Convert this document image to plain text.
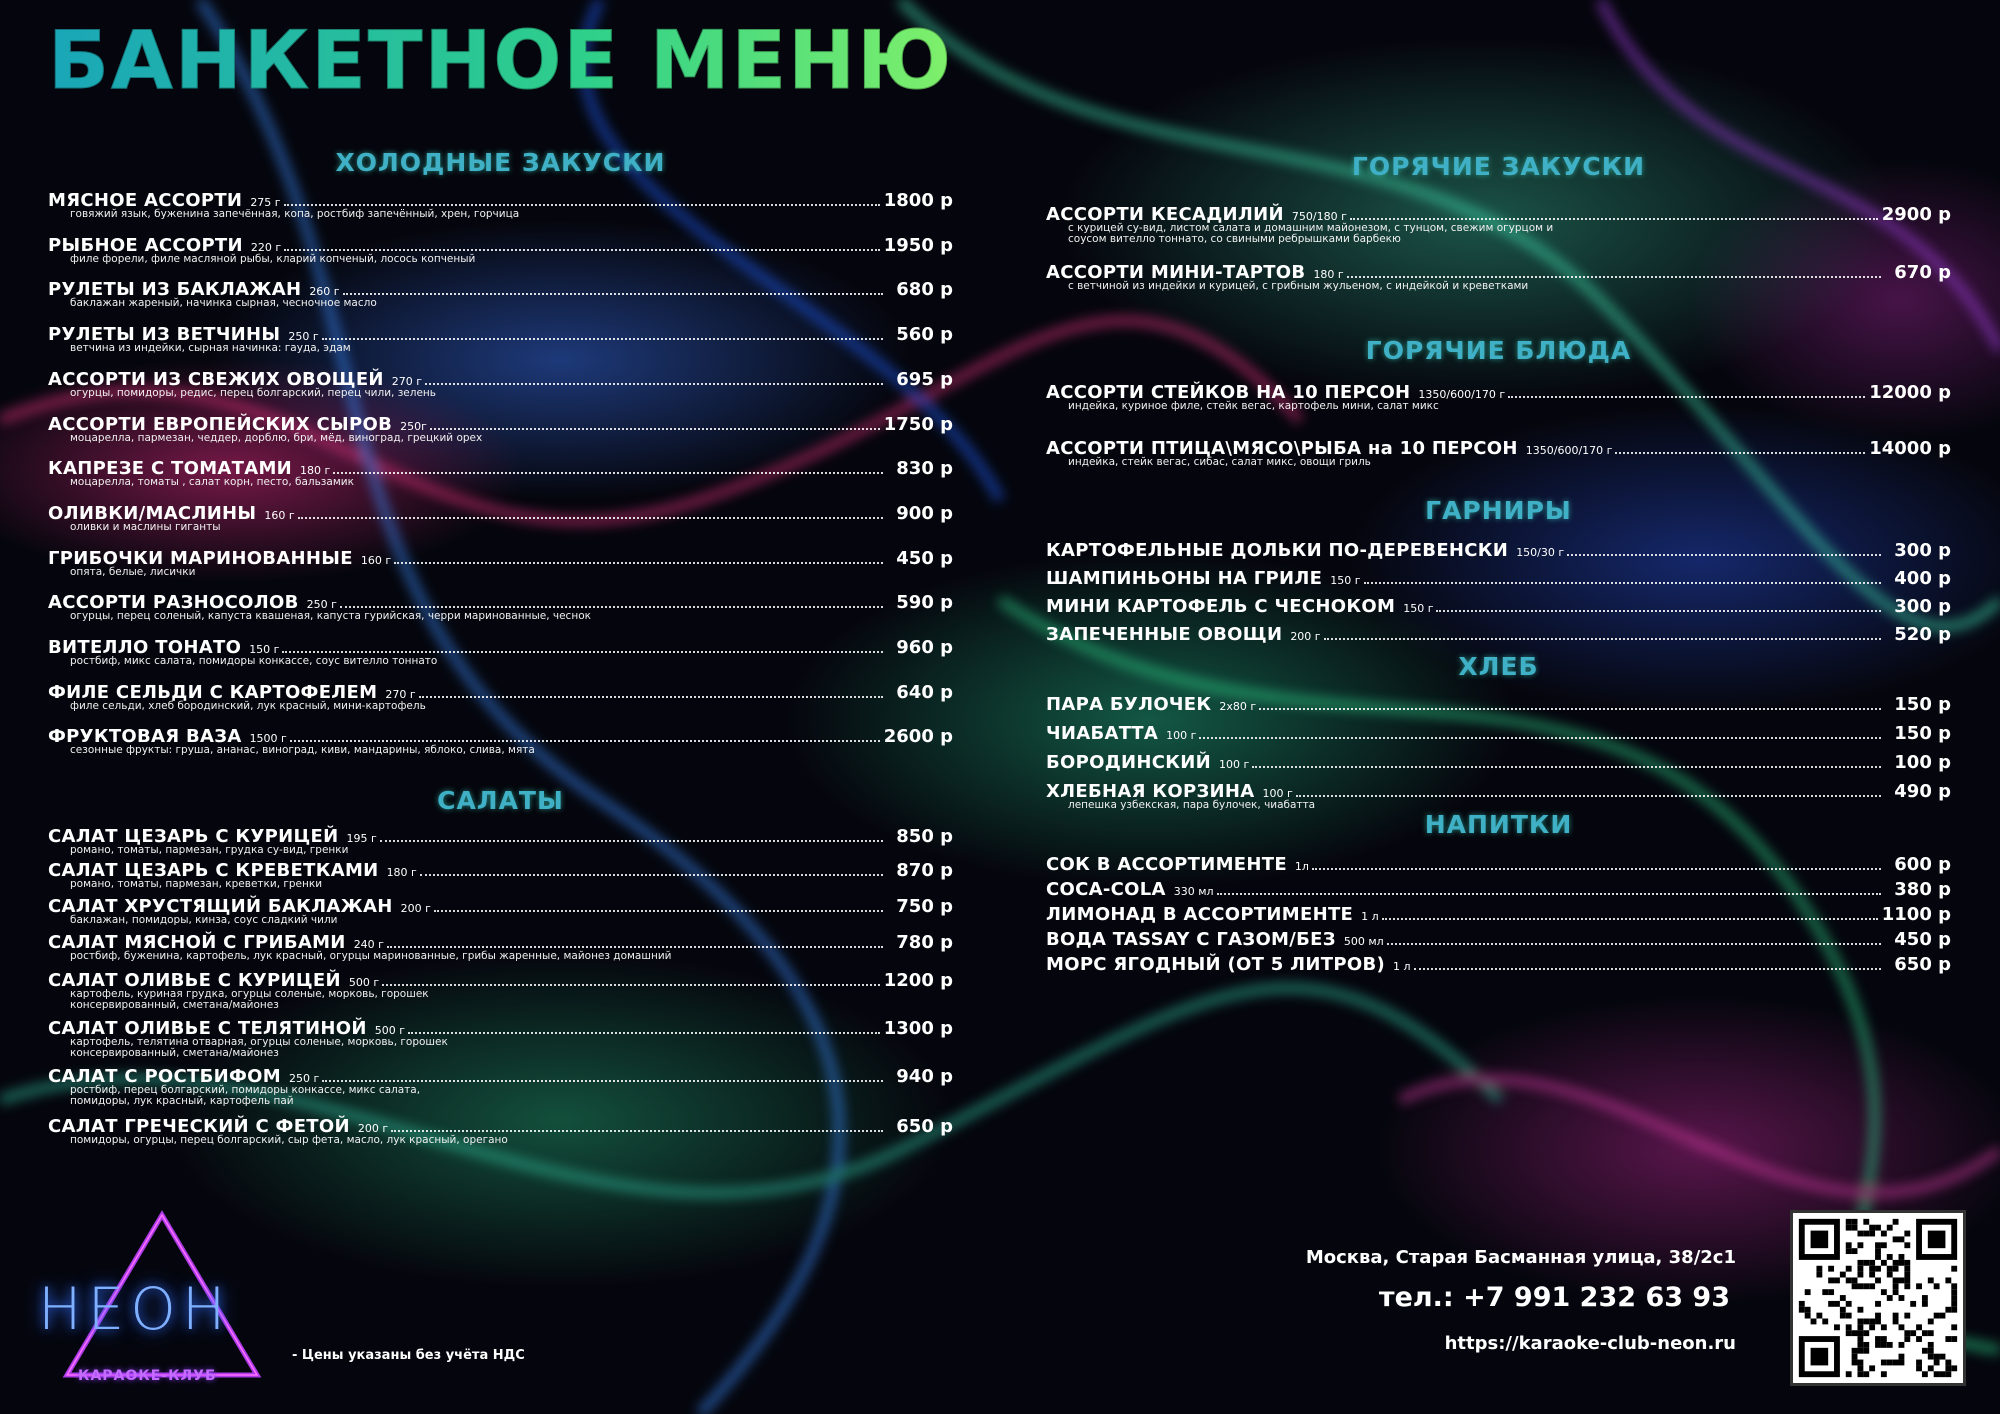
БАНКЕТНОЕ МЕНЮ
ХОЛОДНЫЕ ЗАКУСКИ
МЯСНОЕ АССОРТИ 275 г	1800 р
говяжий язык, буженина запечённая, копа, ростбиф запечённый, хрен, горчица
РЫБНОЕ АССОРТИ 220 г	1950 р
филе форели, филе масляной рыбы, кларий копченый, лосось копченый
РУЛЕТЫ ИЗ БАКЛАЖАН 260 г	680 р
баклажан жареный, начинка сырная, чесночное масло
РУЛЕТЫ ИЗ ВЕТЧИНЫ 250 г	560 р
ветчина из индейки, сырная начинка: гауда, эдам
АССОРТИ ИЗ СВЕЖИХ ОВОЩЕЙ 270 г	695 р
огурцы, помидоры, редис, перец болгарский, перец чили, зелень
АССОРТИ ЕВРОПЕЙСКИХ СЫРОВ 250г	1750 р
моцарелла, пармезан, чеддер, дорблю, бри, мёд, виноград, грецкий орех
КАПРЕЗЕ С ТОМАТАМИ 180 г	830 р
моцарелла, томаты , салат корн, песто, бальзамик
ОЛИВКИ/МАСЛИНЫ 160 г	900 р
оливки и маслины гиганты
ГРИБОЧКИ МАРИНОВАННЫЕ 160 г	450 р
опята, белые, лисички
АССОРТИ РАЗНОСОЛОВ 250 г	590 р
огурцы, перец соленый, капуста квашеная, капуста гурийская, черри маринованные, чеснок
ВИТЕЛЛО ТОНАТО 150 г	960 р
ростбиф, микс салата, помидоры конкассе, соус вителло тоннато
ФИЛЕ СЕЛЬДИ С КАРТОФЕЛЕМ 270 г	640 р
филе сельди, хлеб бородинский, лук красный, мини-картофель
ФРУКТОВАЯ ВАЗА 1500 г	2600 р
сезонные фрукты: груша, ананас, виноград, киви, мандарины, яблоко, слива, мята
САЛАТЫ
САЛАТ ЦЕЗАРЬ С КУРИЦЕЙ 195 г	850 р
романо, томаты, пармезан, грудка су-вид, гренки
САЛАТ ЦЕЗАРЬ С КРЕВЕТКАМИ 180 г	870 р
романо, томаты, пармезан, креветки, гренки
САЛАТ ХРУСТЯЩИЙ БАКЛАЖАН 200 г	750 р
баклажан, помидоры, кинза, соус сладкий чили
САЛАТ МЯСНОЙ С ГРИБАМИ 240 г	780 р
ростбиф, буженина, картофель, лук красный, огурцы маринованные, грибы жаренные, майонез домашний
САЛАТ ОЛИВЬЕ С КУРИЦЕЙ 500 г	1200 р
картофель, куриная грудка, огурцы соленые, морковь, горошек
консервированный, сметана/майонез
САЛАТ ОЛИВЬЕ С ТЕЛЯТИНОЙ 500 г	1300 р
картофель, телятина отварная, огурцы соленые, морковь, горошек
консервированный, сметана/майонез
САЛАТ С РОСТБИФОМ 250 г	940 р
ростбиф, перец болгарский, помидоры конкассе, микс салата,
помидоры, лук красный, картофель пай
САЛАТ ГРЕЧЕСКИЙ С ФЕТОЙ 200 г	650 р
помидоры, огурцы, перец болгарский, сыр фета, масло, лук красный, орегано
ГОРЯЧИЕ ЗАКУСКИ
АССОРТИ КЕСАДИЛИЙ 750/180 г	2900 р
с курицей су-вид, листом салата и домашним майонезом, с тунцом, свежим огурцом и
соусом вителло тоннато, со свиными ребрышками барбекю
АССОРТИ МИНИ-ТАРТОВ 180 г	670 р
с ветчиной из индейки и курицей, с грибным жульеном, с индейкой и креветками
ГОРЯЧИЕ БЛЮДА
АССОРТИ СТЕЙКОВ НА 10 ПЕРСОН 1350/600/170 г	12000 р
индейка, куриное филе, стейк вегас, картофель мини, салат микс
АССОРТИ ПТИЦА\МЯСО\РЫБА на 10 ПЕРСОН 1350/600/170 г	14000 р
индейка, стейк вегас, сибас, салат микс, овощи гриль
ГАРНИРЫ
КАРТОФЕЛЬНЫЕ ДОЛЬКИ ПО-ДЕРЕВЕНСКИ 150/30 г	300 р
ШАМПИНЬОНЫ НА ГРИЛЕ 150 г	400 р
МИНИ КАРТОФЕЛЬ С ЧЕСНОКОМ 150 г	300 р
ЗАПЕЧЕННЫЕ ОВОЩИ 200 г	520 р
ХЛЕБ
ПАРА БУЛОЧЕК 2x80 г	150 р
ЧИАБАТТА 100 г	150 р
БОРОДИНСКИЙ 100 г	100 р
ХЛЕБНАЯ КОРЗИНА 100 г	490 р
лепешка узбекская, пара булочек, чиабатта
НАПИТКИ
СОК В АССОРТИМЕНТЕ 1л	600 р
COCA-COLA 330 мл	380 р
ЛИМОНАД В АССОРТИМЕНТЕ 1 л	1100 р
ВОДА TASSAY С ГАЗОМ/БЕЗ 500 мл	450 р
МОРС ЯГОДНЫЙ (ОТ 5 ЛИТРОВ) 1 л	650 р
НЕОН
КАРАОКЕ-КЛУБ
- Цены указаны без учёта НДС
Москва, Старая Басманная улица, 38/2с1
тел.: +7 991 232 63 93
https://karaoke-club-neon.ru
